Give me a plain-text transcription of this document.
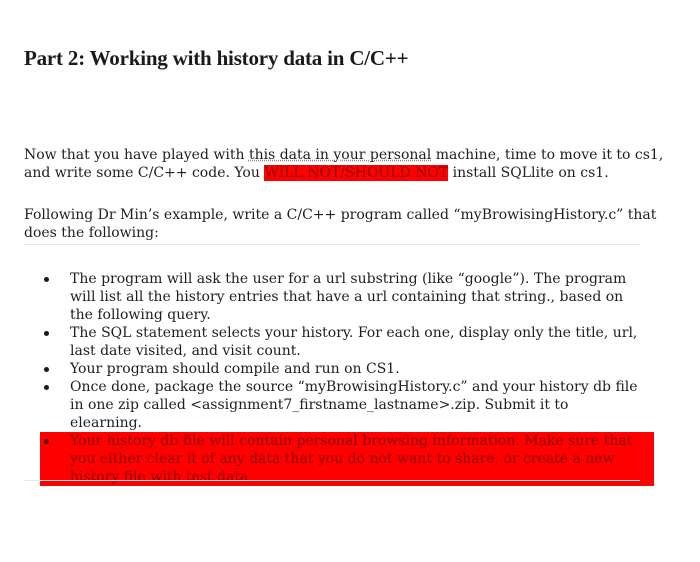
Part 2: Working with history data in C/C++

Now that you have played with this data in your personal machine, time to move it to cs1, and write some C/C++ code. You WILL NOT/SHOULD NOT install SQLlite on cs1.

Following Dr Min’s example, write a C/C++ program called “myBrowisingHistory.c” that does the following:

The program will ask the user for a url substring (like “google”). The program will list all the history entries that have a url containing that string., based on the following query.
The SQL statement selects your history. For each one, display only the title, url, last date visited, and visit count.
Your program should compile and run on CS1.
Once done, package the source “myBrowisingHistory.c” and your history db file in one zip called <assignment7_firstname_lastname>.zip. Submit it to elearning.
Your history db file will contain personal browsing information. Make sure that you either clear it of any data that you do not want to share, or create a new history file with test data
